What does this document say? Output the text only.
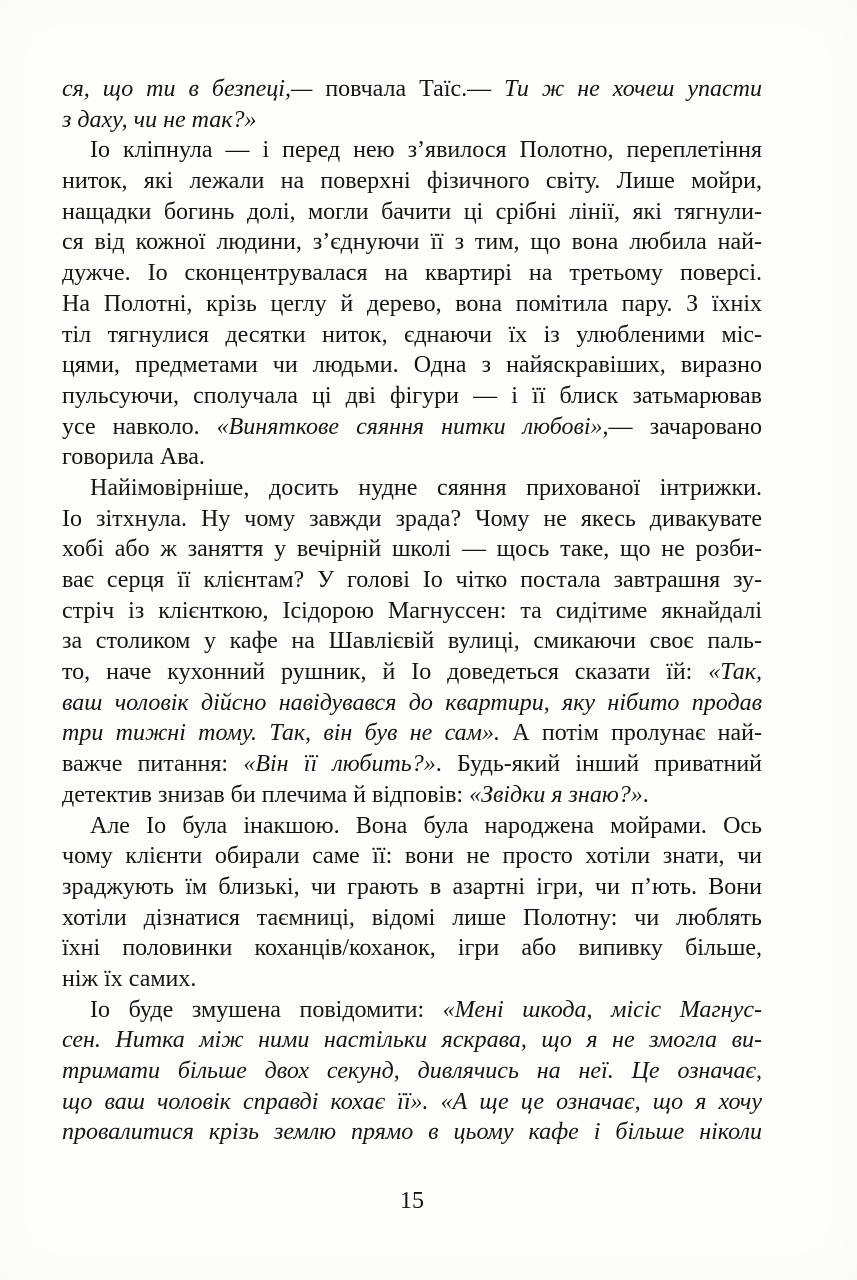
ся, що ти в безпеці,— повчала Таїс.— Ти ж не хочеш упасти
з даху, чи не так?»
Іо кліпнула — і перед нею з’явилося Полотно, переплетіння
ниток, які лежали на поверхні фізичного світу. Лише мойри,
нащадки богинь долі, могли бачити ці срібні лінії, які тягнули-
ся від кожної людини, з’єднуючи її з тим, що вона любила най-
дужче. Іо сконцентрувалася на квартирі на третьому поверсі.
На Полотні, крізь цеглу й дерево, вона помітила пару. З їхніх
тіл тягнулися десятки ниток, єднаючи їх із улюбленими міс-
цями, предметами чи людьми. Одна з найяскравіших, виразно
пульсуючи, сполучала ці дві фігури — і її блиск затьмарював
усе навколо. «Виняткове сяяння нитки любові»,— зачаровано
говорила Ава.
Найімовірніше, досить нудне сяяння прихованої інтрижки.
Іо зітхнула. Ну чому завжди зрада? Чому не якесь дивакувате
хобі або ж заняття у вечірній школі — щось таке, що не розби-
ває серця її клієнтам? У голові Іо чітко постала завтрашня зу-
стріч із клієнткою, Ісідорою Магнуссен: та сидітиме якнайдалі
за столиком у кафе на Шавлієвій вулиці, смикаючи своє паль-
то, наче кухонний рушник, й Іо доведеться сказати їй: «Так,
ваш чоловік дійсно навідувався до квартири, яку нібито продав
три тижні тому. Так, він був не сам». А потім пролунає най-
важче питання: «Він її любить?». Будь-який інший приватний
детектив знизав би плечима й відповів: «Звідки я знаю?».
Але Іо була інакшою. Вона була народжена мойрами. Ось
чому клієнти обирали саме її: вони не просто хотіли знати, чи
зраджують їм близькі, чи грають в азартні ігри, чи п’ють. Вони
хотіли дізнатися таємниці, відомі лише Полотну: чи люблять
їхні половинки коханців/коханок, ігри або випивку більше,
ніж їх самих.
Іо буде змушена повідомити: «Мені шкода, місіс Магнус-
сен. Нитка між ними настільки яскрава, що я не змогла ви-
тримати більше двох секунд, дивлячись на неї. Це означає,
що ваш чоловік справді кохає її». «А ще це означає, що я хочу
провалитися крізь землю прямо в цьому кафе і більше ніколи
15
